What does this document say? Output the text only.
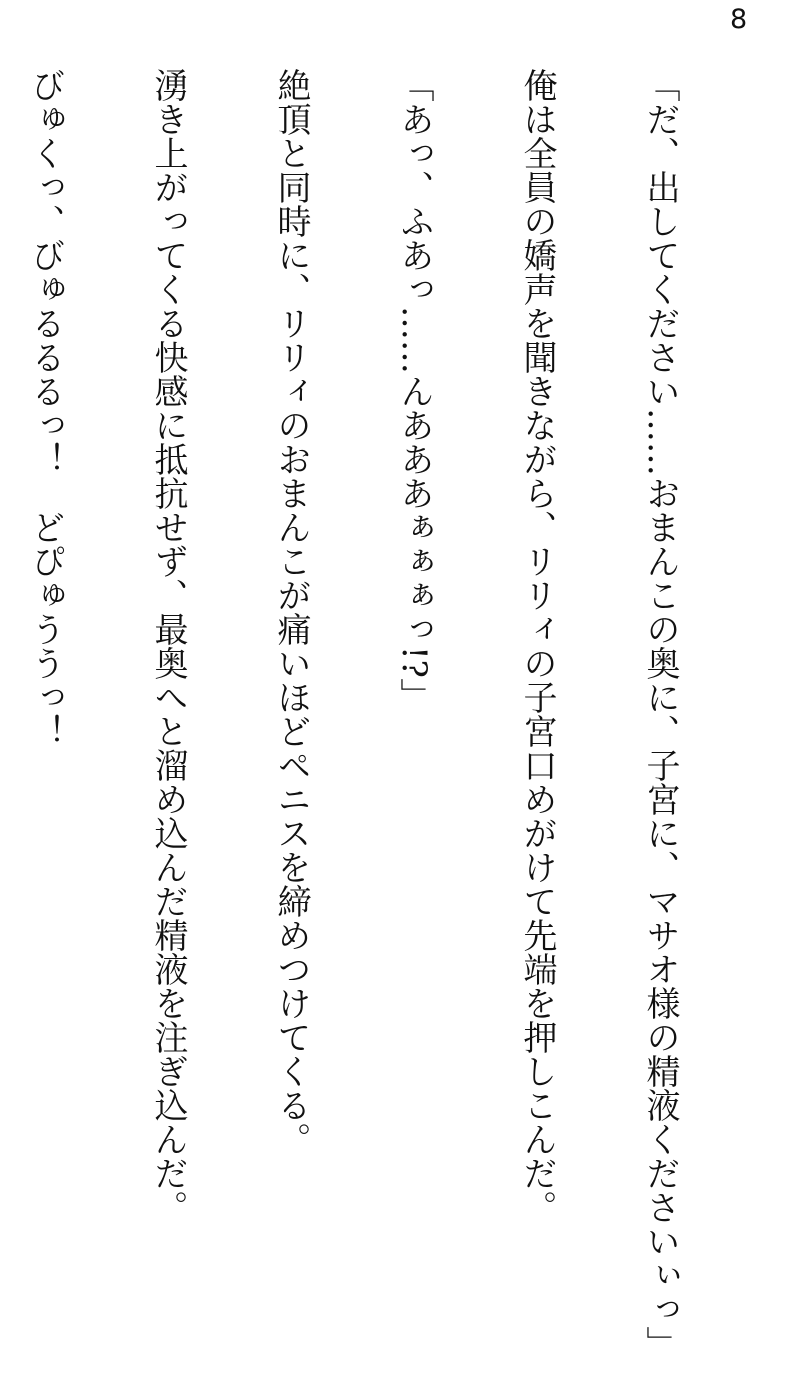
8

「だ、出してください……おまんこの奥に、子宮に、マサオ様の精液くださいぃっ」

俺は全員の嬌声を聞きながら、リリィの子宮口めがけて先端を押しこんだ。

「あっ、ふあっ……んあああぁぁぁっ!?」

絶頂と同時に、リリィのおまんこが痛いほどペニスを締めつけてくる。

湧き上がってくる快感に抵抗せず、最奥へと溜め込んだ精液を注ぎ込んだ。

びゅくっ、びゅるるるっ！　どぴゅううっ！
